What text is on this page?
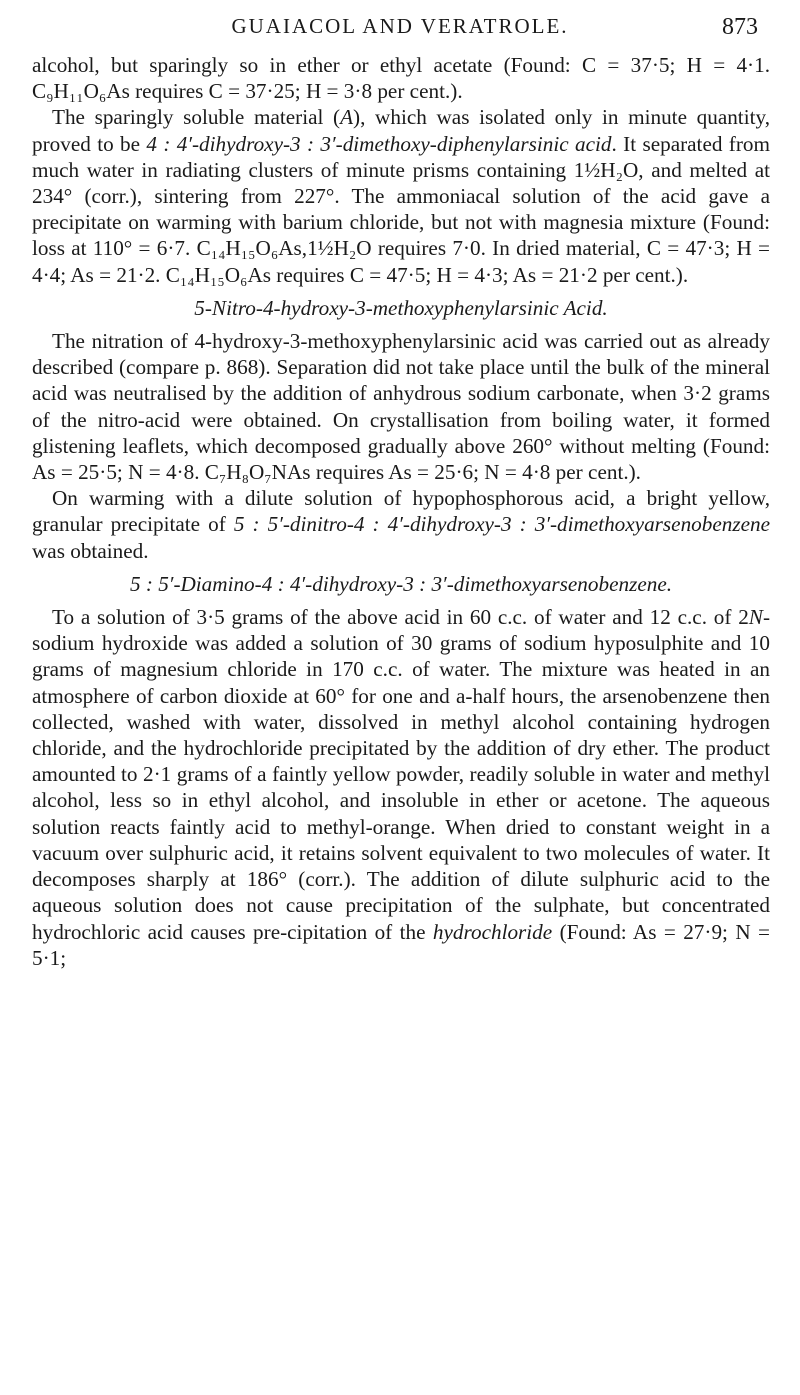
GUAIACOL AND VERATROLE.	873

alcohol, but sparingly so in ether or ethyl acetate (Found: C = 37·5; H = 4·1. C₉H₁₁O₆As requires C = 37·25; H = 3·8 per cent.).

The sparingly soluble material (A), which was isolated only in minute quantity, proved to be 4 : 4′-dihydroxy-3 : 3′-dimethoxy-diphenylarsinic acid. It separated from much water in radiating clusters of minute prisms containing 1½H₂O, and melted at 234° (corr.), sintering from 227°. The ammoniacal solution of the acid gave a precipitate on warming with barium chloride, but not with magnesia mixture (Found: loss at 110° = 6·7. C₁₄H₁₅O₆As,1½H₂O requires 7·0. In dried material, C = 47·3; H = 4·4; As = 21·2. C₁₄H₁₅O₆As requires C = 47·5; H = 4·3; As = 21·2 per cent.).

5-Nitro-4-hydroxy-3-methoxyphenylarsinic Acid.

The nitration of 4-hydroxy-3-methoxyphenylarsinic acid was carried out as already described (compare p. 868). Separation did not take place until the bulk of the mineral acid was neutralised by the addition of anhydrous sodium carbonate, when 3·2 grams of the nitro-acid were obtained. On crystallisation from boiling water, it formed glistening leaflets, which decomposed gradually above 260° without melting (Found: As = 25·5; N = 4·8. C₇H₈O₇NAs requires As = 25·6; N = 4·8 per cent.).

On warming with a dilute solution of hypophosphorous acid, a bright yellow, granular precipitate of 5 : 5′-dinitro-4 : 4′-dihydroxy-3 : 3′-dimethoxyarsenobenzene was obtained.

5 : 5′-Diamino-4 : 4′-dihydroxy-3 : 3′-dimethoxyarsenobenzene.

To a solution of 3·5 grams of the above acid in 60 c.c. of water and 12 c.c. of 2N-sodium hydroxide was added a solution of 30 grams of sodium hyposulphite and 10 grams of magnesium chloride in 170 c.c. of water. The mixture was heated in an atmosphere of carbon dioxide at 60° for one and a-half hours, the arsenobenzene then collected, washed with water, dissolved in methyl alcohol containing hydrogen chloride, and the hydrochloride precipitated by the addition of dry ether. The product amounted to 2·1 grams of a faintly yellow powder, readily soluble in water and methyl alcohol, less so in ethyl alcohol, and insoluble in ether or acetone. The aqueous solution reacts faintly acid to methyl-orange. When dried to constant weight in a vacuum over sulphuric acid, it retains solvent equivalent to two molecules of water. It decomposes sharply at 186° (corr.). The addition of dilute sulphuric acid to the aqueous solution does not cause precipitation of the sulphate, but concentrated hydrochloric acid causes pre-cipitation of the hydrochloride (Found: As = 27·9; N = 5·1;
